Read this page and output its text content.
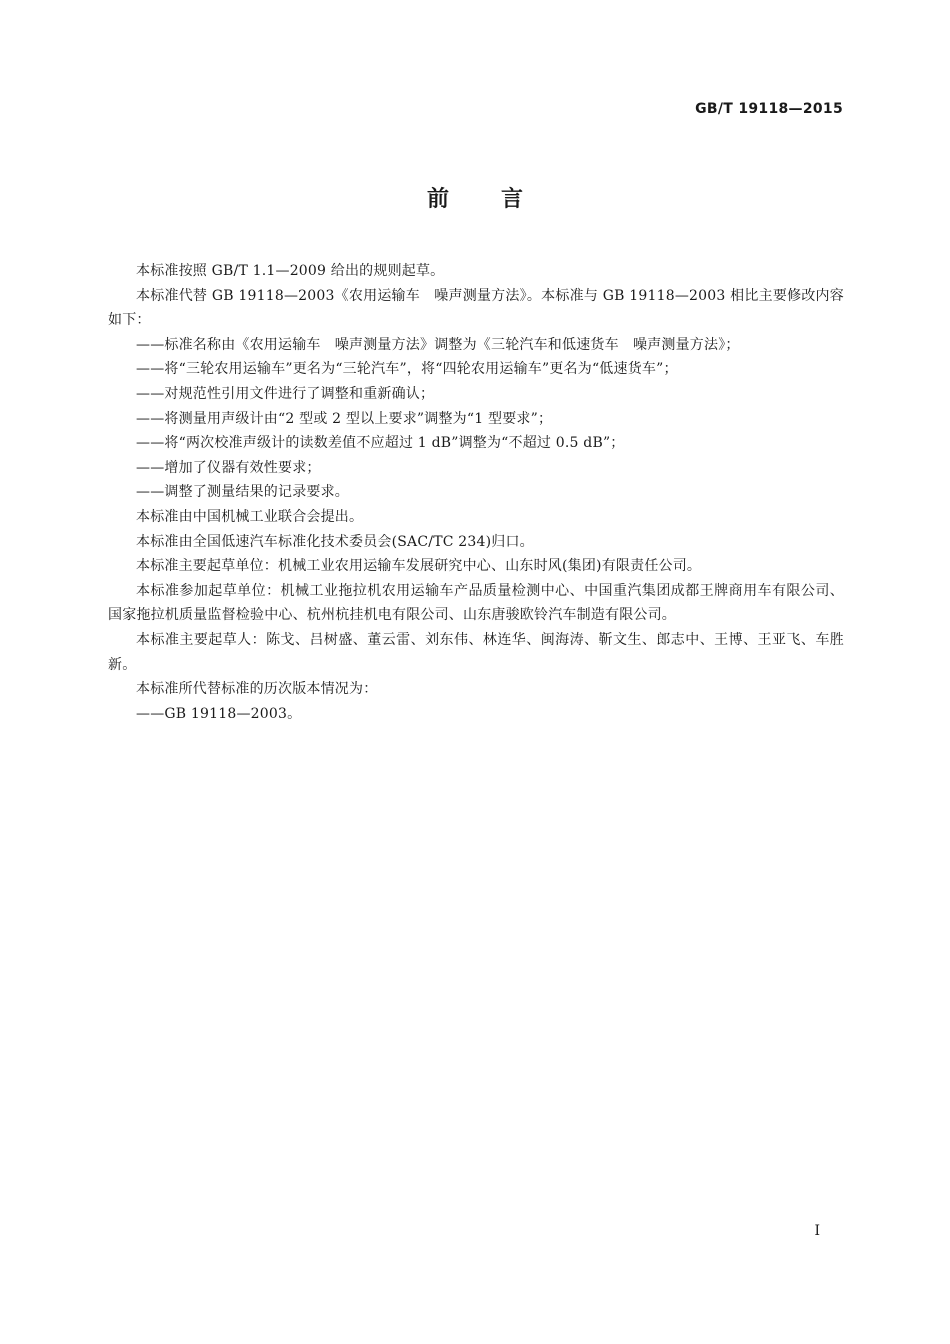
GB/T 19118—2015
前 言

本标准按照 GB/T 1.1—2009 给出的规则起草。

本标准代替 GB 19118—2003《农用运输车　噪声测量方法》。本标准与 GB 19118—2003 相比主要修改内容如下：

——标准名称由《农用运输车　噪声测量方法》调整为《三轮汽车和低速货车　噪声测量方法》；

——将“三轮农用运输车”更名为“三轮汽车”，将“四轮农用运输车”更名为“低速货车”；

——对规范性引用文件进行了调整和重新确认；

——将测量用声级计由“2 型或 2 型以上要求”调整为“1 型要求”；

——将“两次校准声级计的读数差值不应超过 1 dB”调整为“不超过 0.5 dB”；

——增加了仪器有效性要求；

——调整了测量结果的记录要求。

本标准由中国机械工业联合会提出。

本标准由全国低速汽车标准化技术委员会(SAC/TC 234)归口。

本标准主要起草单位：机械工业农用运输车发展研究中心、山东时风(集团)有限责任公司。

本标准参加起草单位：机械工业拖拉机农用运输车产品质量检测中心、中国重汽集团成都王牌商用车有限公司、国家拖拉机质量监督检验中心、杭州杭挂机电有限公司、山东唐骏欧铃汽车制造有限公司。

本标准主要起草人：陈戈、吕树盛、董云雷、刘东伟、林连华、闽海涛、靳文生、郎志中、王博、王亚飞、车胜新。

本标准所代替标准的历次版本情况为：

——GB 19118—2003。

I
